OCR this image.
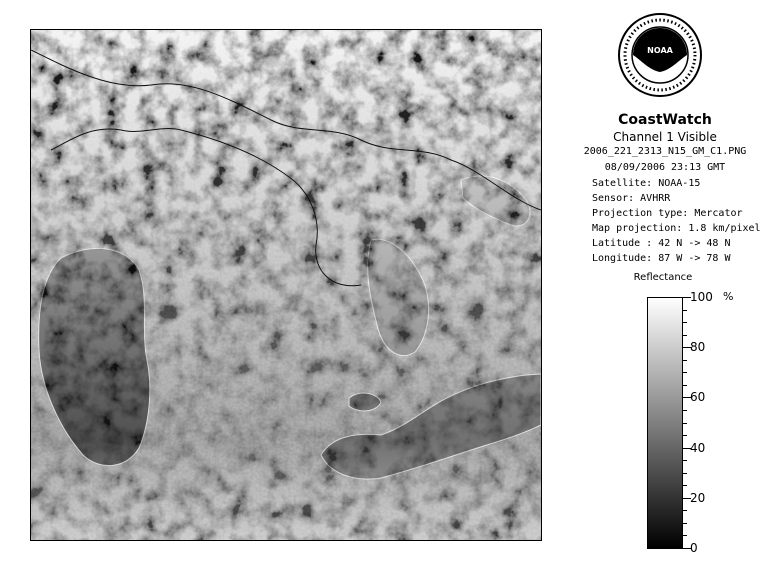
NOAA
CoastWatch
Channel 1 Visible
2006_221_2313_N15_GM_C1.PNG
08/09/2006 23:13 GMT
Satellite: NOAA-15
Sensor: AVHRR
Projection type: Mercator
Map projection: 1.8 km/pixel
Latitude : 42 N -> 48 N
Longitude: 87 W -> 78 W
Reflectance
%
100
80
60
40
20
0
